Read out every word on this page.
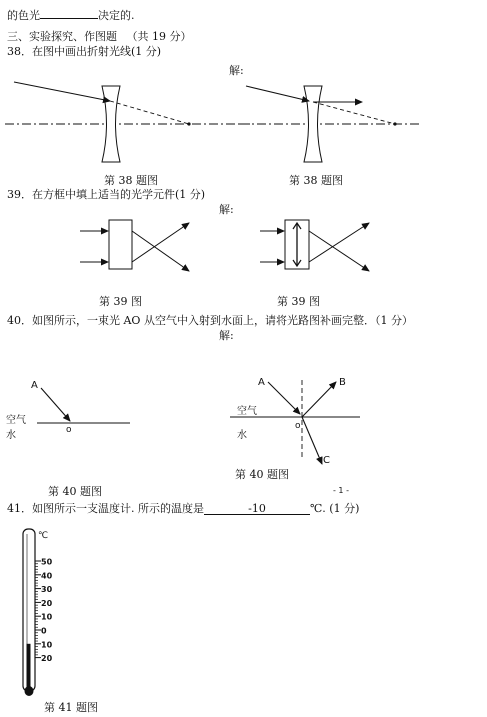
的色光	决定的.
三、实验探究、作图题 （共 19 分）
38．在图中画出折射光线(1 分)
解:
第 38 题图	第 38 题图
39．在方框中填上适当的光学元件(1 分)
解:
第 39 图	第 39 图
40．如图所示，一束光 AO 从空气中入射到水面上，请将光路图补画完整．（1 分）
解:
第 40 题图
第 40 题图
41．如图所示一支温度计. 所示的温度是	-10	℃. (1 分)
第 41 题图
A
o
空气
水
A	B
C
o
空气
水
- 1 -
℃
50
40
30
20
10
0
10
20
